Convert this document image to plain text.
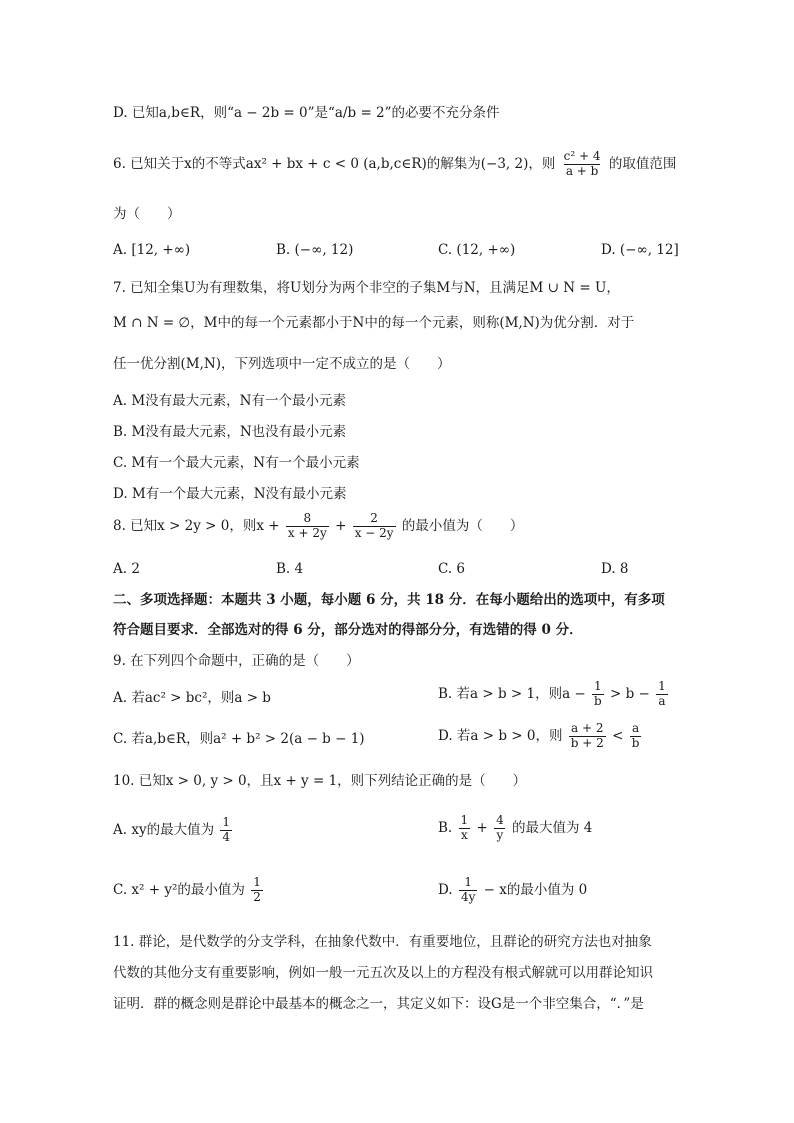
D. 已知a,b∈R，则“a − 2b = 0”是“a/b = 2”的必要不充分条件
6. 已知关于x的不等式ax² + bx + c < 0 (a,b,c∈R)的解集为(−3, 2)，则 $\frac{\text{c² + 4}}{a + b}$ 的取值范围
为（　　）
A. [12, +∞)	B. (−∞, 12)	C. (12, +∞)	D. (−∞, 12]
7. 已知全集U为有理数集，将U划分为两个非空的子集M与N，且满足M ∪ N = U，
M ∩ N = ∅，M中的每一个元素都小于N中的每一个元素，则称(M,N)为优分割．对于
任一优分割(M,N)，下列选项中一定不成立的是（　　）
A. M没有最大元素，N有一个最小元素
B. M没有最大元素，N也没有最小元素
C. M有一个最大元素，N有一个最小元素
D. M有一个最大元素，N没有最小元素
8. 已知x > 2y > 0，则$x + \frac{8}{x + 2y} + \frac{2}{x - 2y}$ 的最小值为（　　）
A. 2	B. 4	C. 6	D. 8
二、多项选择题：本题共 3 小题，每小题 6 分，共 18 分．在每小题给出的选项中，有多项
符合题目要求．全部选对的得 6 分，部分选对的得部分分，有选错的得 0 分．
9. 在下列四个命题中，正确的是（　　）
A. 若ac² > bc²，则a > b	B. 若a > b > 1，则$a - \frac{1}{b} > b - \frac{1}{a}$
C. 若a,b∈R，则a² + b² > 2(a − b − 1)	D. 若a > b > 0，则 $\frac{a + 2}{b + 2} < \frac{a}{b}$
10. 已知x > 0, y > 0，且x + y = 1，则下列结论正确的是（　　）
A. xy的最大值为 $\frac{1}{4}$	B. $\frac{1}{x} + \frac{4}{y}$ 的最大值为 4
C. x² + y²的最小值为 $\frac{1}{2}$	D. $\frac{1}{4y} - x$的最小值为 0
11. 群论，是代数学的分支学科，在抽象代数中．有重要地位，且群论的研究方法也对抽象
代数的其他分支有重要影响，例如一般一元五次及以上的方程没有根式解就可以用群论知识
证明．群的概念则是群论中最基本的概念之一，其定义如下：设G是一个非空集合，“．”是
